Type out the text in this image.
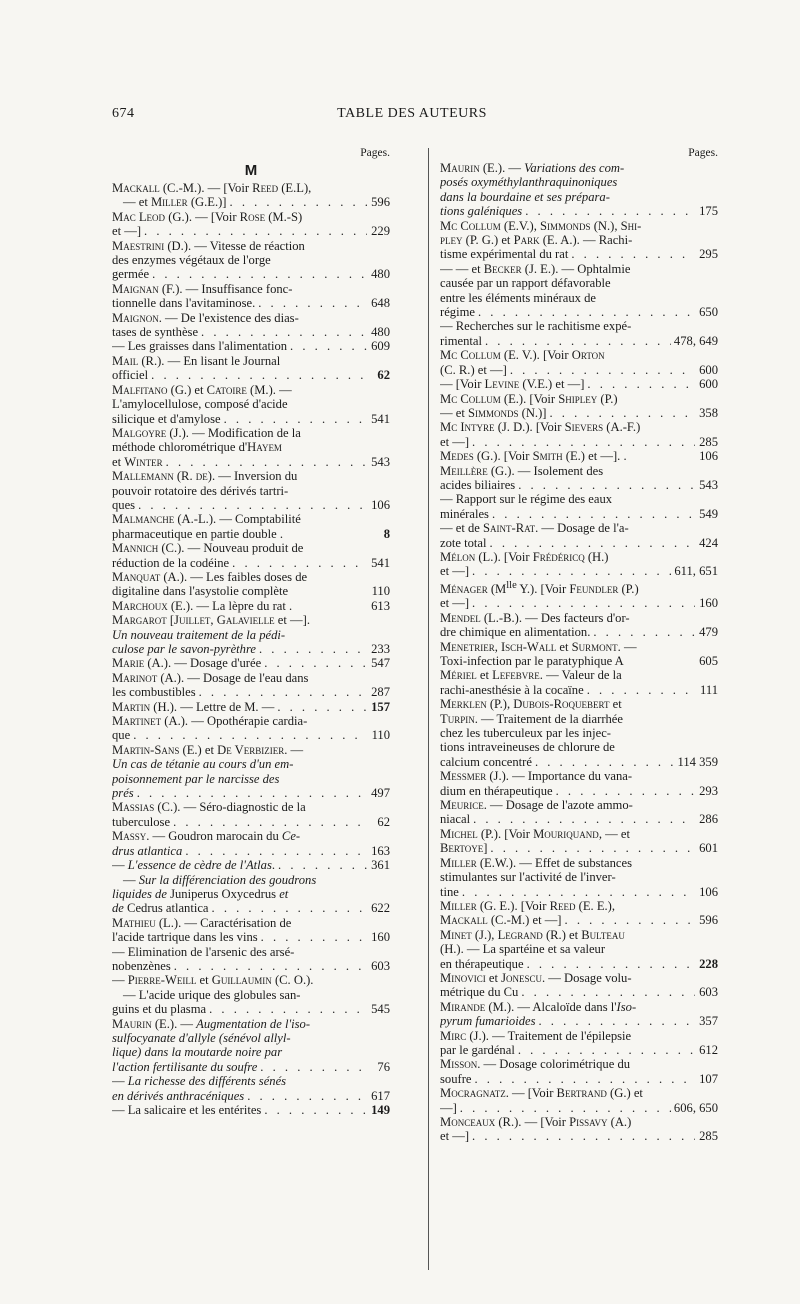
674	TABLE DES AUTEURS
Pages.
M
Mackall (C.-M.). — [Voir Reed (E.L),
— et Miller (G.E.)] . . .	596
Mac Leod (G.). — [Voir Rose (M.-S)
et —] . . .	229
Maestrini (D.). — Vitesse de réaction
des enzymes végétaux de l'orge
germée . . .	480
Maignan (F.). — Insuffisance fonc-
tionnelle dans l'avitaminose. . . .	648
Maignon. — De l'existence des dias-
tases de synthèse . . .	480
— Les graisses dans l'alimentation . . .	609
Mail (R.). — En lisant le Journal
officiel . . .	62
Malfitano (G.) et Catoire (M.). —
L'amylocellulose, composé d'acide
silicique et d'amylose . . .	541
Malgoyre (J.). — Modification de la
méthode chlorométrique d'Hayem
et Winter . . .	543
Mallemann (R. de). — Inversion du
pouvoir rotatoire des dérivés tartri-
ques . . .	106
Malmanche (A.-L.). — Comptabilité
pharmaceutique en partie double .	8
Mannich (C.). — Nouveau produit de
réduction de la codéine . . .	541
Manquat (A.). — Les faibles doses de
digitaline dans l'asystolie complète	110
Marchoux (E.). — La lèpre du rat .	613
Margarot [Juillet, Galavielle et —].
Un nouveau traitement de la pédi-
culose par le savon-pyrèthre . . .	233
Marie (A.). — Dosage d'urée . . .	547
Marinot (A.). — Dosage de l'eau dans
les combustibles . . .	287
Martin (H.). — Lettre de M. — . . .	157
Martinet (A.). — Opothérapie cardia-
que . . .	110
Martin-Sans (E.) et De Verbizier. —
Un cas de tétanie au cours d'un em-
poisonnement par le narcisse des
prés . . .	497
Massias (C.). — Séro-diagnostic de la
tuberculose . . .	62
Massy. — Goudron marocain du Ce-
drus atlantica . . .	163
— L'essence de cèdre de l'Atlas. . . .	361
— Sur la différenciation des goudrons
liquides de Juniperus Oxycedrus et
de Cedrus atlantica . . .	622
Mathieu (L.). — Caractérisation de
l'acide tartrique dans les vins . . .	160
— Elimination de l'arsenic des arsé-
nobenzènes . . .	603
— Pierre-Weill et Guillaumin (C. O.).
— L'acide urique des globules san-
guins et du plasma . . .	545
Maurin (E.). — Augmentation de l'iso-
sulfocyanate d'allyle (sénévol allyl-
lique) dans la moutarde noire par
l'action fertilisante du soufre . . .	76
— La richesse des différents sénés
en dérivés anthracéniques . . .	617
— La salicaire et les entérites . . .	149
Pages.
Maurin (E.). — Variations des com-
posés oxyméthylanthraquinoniques
dans la bourdaine et ses prépara-
tions galéniques . . .	175
Mc Collum (E.V.), Simmonds (N.), Shi-
pley (P. G.) et Park (E. A.). — Rachi-
tisme expérimental du rat . . .	295
— — et Becker (J. E.). — Ophtalmie
causée par un rapport défavorable
entre les éléments minéraux de
régime . . .	650
— Recherches sur le rachitisme expé-
rimental . . .	478, 649
Mc Collum (E. V.). [Voir Orton
(C. R.) et —] . . .	600
— [Voir Levine (V.E.) et —] . . .	600
Mc Collum (E.). [Voir Shipley (P.)
— et Simmonds (N.)] . . .	358
Mc Intyre (J. D.). [Voir Sievers (A.-F.)
et —] . . .	285
Medes (G.). [Voir Smith (E.) et —]. .	106
Meillère (G.). — Isolement des
acides biliaires . . .	543
— Rapport sur le régime des eaux
minérales . . .	549
— et de Saint-Rat. — Dosage de l'a-
zote total . . .	424
Mélon (L.). [Voir Frédéricq (H.)
et —] . . .	611, 651
Ménager ($M^{lle}$ Y.). [Voir Feundler (P.)
et —] . . .	160
Mendel (L.-B.). — Des facteurs d'or-
dre chimique en alimentation. . . .	479
Menetrier, Isch-Wall et Surmont. —
Toxi-infection par le paratyphique A	605
Mériel et Lefebvre. — Valeur de la
rachi-anesthésie à la cocaïne . . .	111
Merklen (P.), Dubois-Roquebert et
Turpin. — Traitement de la diarrhée
chez les tuberculeux par les injec-
tions intraveineuses de chlorure de
calcium concentré . . .	114 359
Messmer (J.). — Importance du vana-
dium en thérapeutique . . .	293
Meurice. — Dosage de l'azote ammo-
niacal . . .	286
Michel (P.). [Voir Mouriquand, — et
Bertoye] . . .	601
Miller (E.W.). — Effet de substances
stimulantes sur l'activité de l'inver-
tine . . .	106
Miller (G. E.). [Voir Reed (E. E.),
Mackall (C.-M.) et —] . . .	596
Minet (J.), Legrand (R.) et Bulteau
(H.). — La spartéine et sa valeur
en thérapeutique . . .	228
Minovici et Jonescu. — Dosage volu-
métrique du Cu . . .	603
Mirande (M.). — Alcaloïde dans l'Iso-
pyrum fumarioides . . .	357
Mirc (J.). — Traitement de l'épilepsie
par le gardénal . . .	612
Misson. — Dosage colorimétrique du
soufre . . .	107
Mocragnatz. — [Voir Bertrand (G.) et
—] . . .	606, 650
Monceaux (R.). — [Voir Pissavy (A.)
et —] . . .	285
